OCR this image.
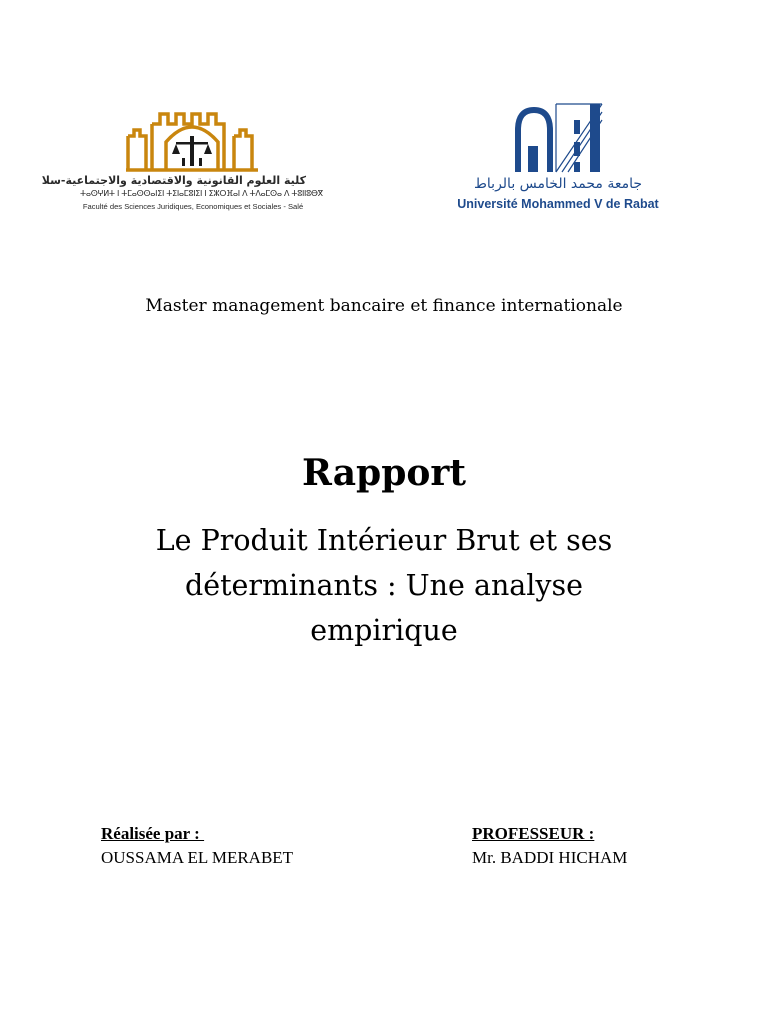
كلية العلوم القانونية والاقتصادية والاجتماعية-سلا
ⵜⴰⵙⵖⵍⵜ ⵏ ⵜⵎⴰⵙⵙⴰⵏⵉⵏ ⵜⵉⵏⴰⵎⵓⵏⵉⵏ ⵏ ⵉⵣⵔⴼⴰⵏ ⴷ ⵜⴷⴰⵎⵙⴰ ⴷ ⵜⵓⵏⵏⵓⴱⴳ
Faculté des Sciences Juridiques, Economiques et Sociales - Salé
جامعة محمد الخامس بالرباط
Université Mohammed V de Rabat
Master management bancaire et finance internationale
Rapport
Le Produit Intérieur Brut et ses déterminants : Une analyse empirique
Réalisée par :
OUSSAMA EL MERABET
PROFESSEUR :
Mr. BADDI HICHAM
